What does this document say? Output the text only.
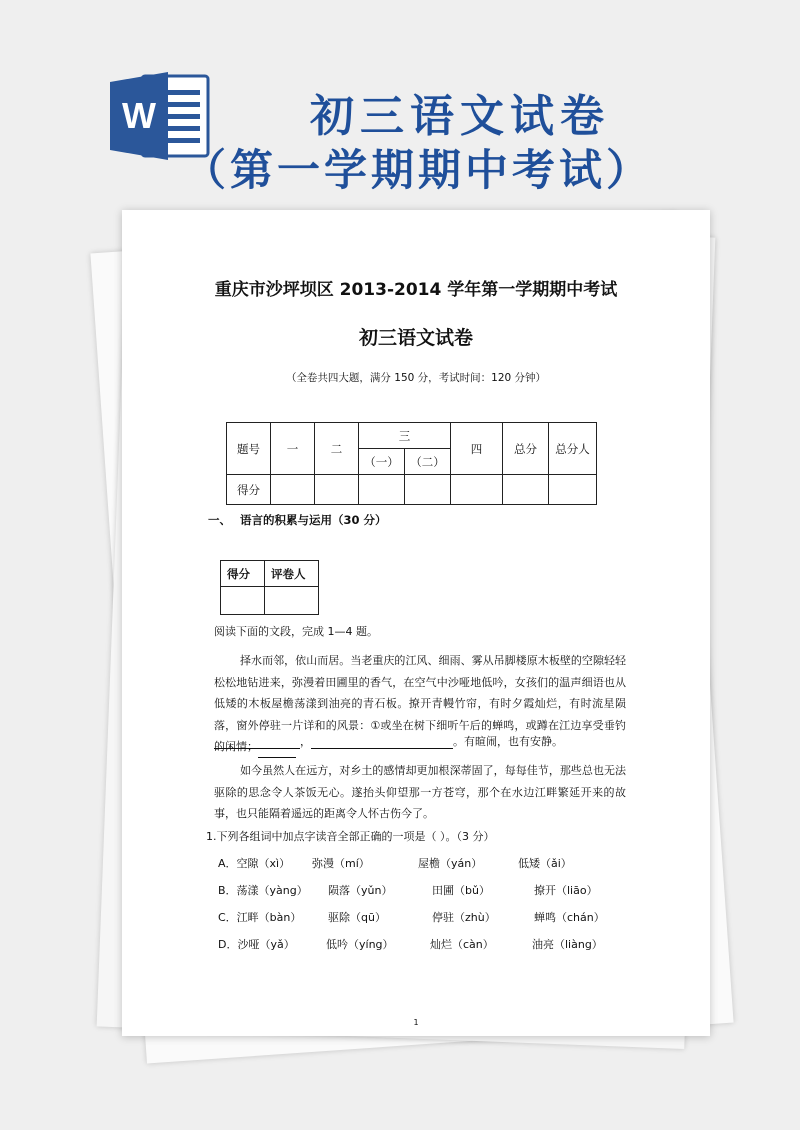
W	初三语文试卷
（第一学期期中考试）
重庆市沙坪坝区 2013-2014 学年第一学期期中考试
初三语文试卷
（全卷共四大题，满分 150 分，考试时间：120 分钟）
题号	一	二	三		四	总分	总分人
			（一）	（二）			
得分							
一、 语言的积累与运用（30 分）
得分	评卷人

阅读下面的文段，完成 1—4 题。
择水而邻，依山而居。当老重庆的江风、细雨、雾从吊脚楼原木板壁的空隙轻轻松松地钻进来，弥漫着田圃里的香气，在空气中沙哑地低吟，女孩们的温声细语也从低矮的木板屋檐荡漾到油亮的青石板。撩开青幔竹帘，有时夕霞灿烂，有时流星陨落，窗外停驻一片详和的风景：①或坐在树下细听午后的蝉鸣，或蹲在江边享受垂钓的闲情；	，	。有暄闹，也有安静。
如今虽然人在远方，对乡土的感情却更加根深蒂固了，每每佳节，那些总也无法驱除的思念令人茶饭无心。遂抬头仰望那一方苍穹，那个在水边江畔繁延开来的故事，也只能隔着遥远的距离令人怀古伤今了。
1.下列各组词中加点字读音全部正确的一项是（ ）。（3 分）
A．空隙（xì） 弥漫（mí）	屋檐（yán）	低矮（ǎi）
B．荡漾（yàng） 陨落（yǔn）	田圃（bǔ）	撩开（liāo）
C．江畔（bàn） 驱除（qū）	停驻（zhù）	蝉鸣（chán）
D．沙哑（yǎ）	低吟（yíng）	灿烂（càn）	油亮（liàng）
1
